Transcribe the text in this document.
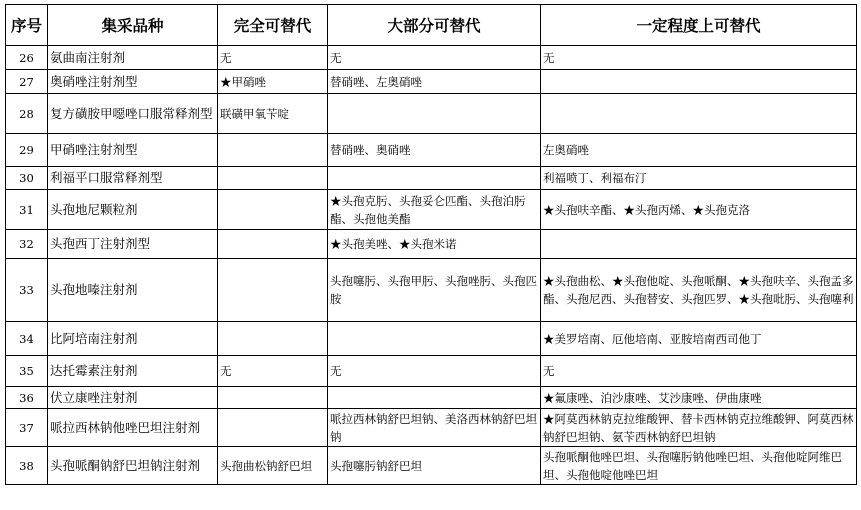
序号	集采品种	完全可替代	大部分可替代	一定程度上可替代
26	氨曲南注射剂	无	无	无
27	奥硝唑注射剂型	★甲硝唑	替硝唑、左奥硝唑	
28	复方磺胺甲噁唑口服常释剂型	联磺甲氧苄啶		
29	甲硝唑注射剂型		替硝唑、奥硝唑	左奥硝唑
30	利福平口服常释剂型			利福喷丁、利福布汀
31	头孢地尼颗粒剂		★头孢克肟、头孢妥仑匹酯、头孢泊肟酯、头孢他美酯	★头孢呋辛酯、★头孢丙烯、★头孢克洛
32	头孢西丁注射剂型		★头孢美唑、★头孢米诺	
33	头孢地嗪注射剂		头孢噻肟、头孢甲肟、头孢唑肟、头孢匹胺	★头孢曲松、★头孢他啶、头孢哌酮、★头孢呋辛、头孢孟多酯、头孢尼西、头孢替安、头孢匹罗、★头孢吡肟、头孢噻利
34	比阿培南注射剂			★美罗培南、厄他培南、亚胺培南西司他丁
35	达托霉素注射剂	无	无	无
36	伏立康唑注射剂			★氟康唑、泊沙康唑、艾沙康唑、伊曲康唑
37	哌拉西林钠他唑巴坦注射剂		哌拉西林钠舒巴坦钠、美洛西林钠舒巴坦钠	★阿莫西林钠克拉维酸钾、替卡西林钠克拉维酸钾、阿莫西林钠舒巴坦钠、氨苄西林钠舒巴坦钠
38	头孢哌酮钠舒巴坦钠注射剂	头孢曲松钠舒巴坦	头孢噻肟钠舒巴坦	头孢哌酮他唑巴坦、头孢噻肟钠他唑巴坦、头孢他啶阿维巴坦、头孢他啶他唑巴坦
